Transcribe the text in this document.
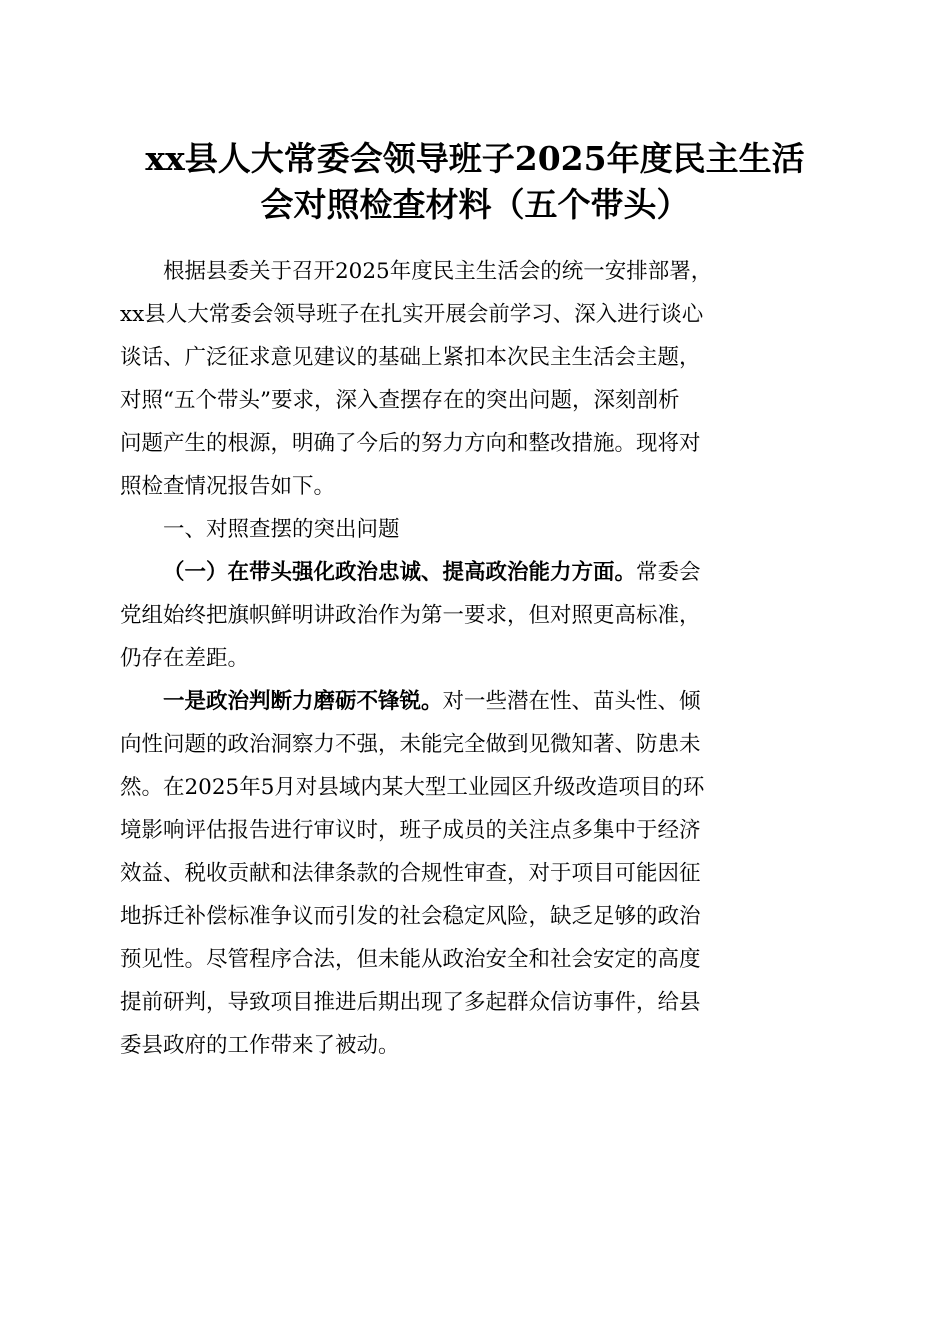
xx县人大常委会领导班子2025年度民主生活
会对照检查材料（五个带头）

根据县委关于召开2025年度民主生活会的统一安排部署，
xx县人大常委会领导班子在扎实开展会前学习、深入进行谈心
谈话、广泛征求意见建议的基础上紧扣本次民主生活会主题，
对照“五个带头”要求，深入查摆存在的突出问题，深刻剖析
问题产生的根源，明确了今后的努力方向和整改措施。现将对
照检查情况报告如下。

一、对照查摆的突出问题

（一）在带头强化政治忠诚、提高政治能力方面。常委会
党组始终把旗帜鲜明讲政治作为第一要求，但对照更高标准，
仍存在差距。

一是政治判断力磨砺不锋锐。对一些潜在性、苗头性、倾
向性问题的政治洞察力不强，未能完全做到见微知著、防患未
然。在2025年5月对县域内某大型工业园区升级改造项目的环
境影响评估报告进行审议时，班子成员的关注点多集中于经济
效益、税收贡献和法律条款的合规性审查，对于项目可能因征
地拆迁补偿标准争议而引发的社会稳定风险，缺乏足够的政治
预见性。尽管程序合法，但未能从政治安全和社会安定的高度
提前研判，导致项目推进后期出现了多起群众信访事件，给县
委县政府的工作带来了被动。
